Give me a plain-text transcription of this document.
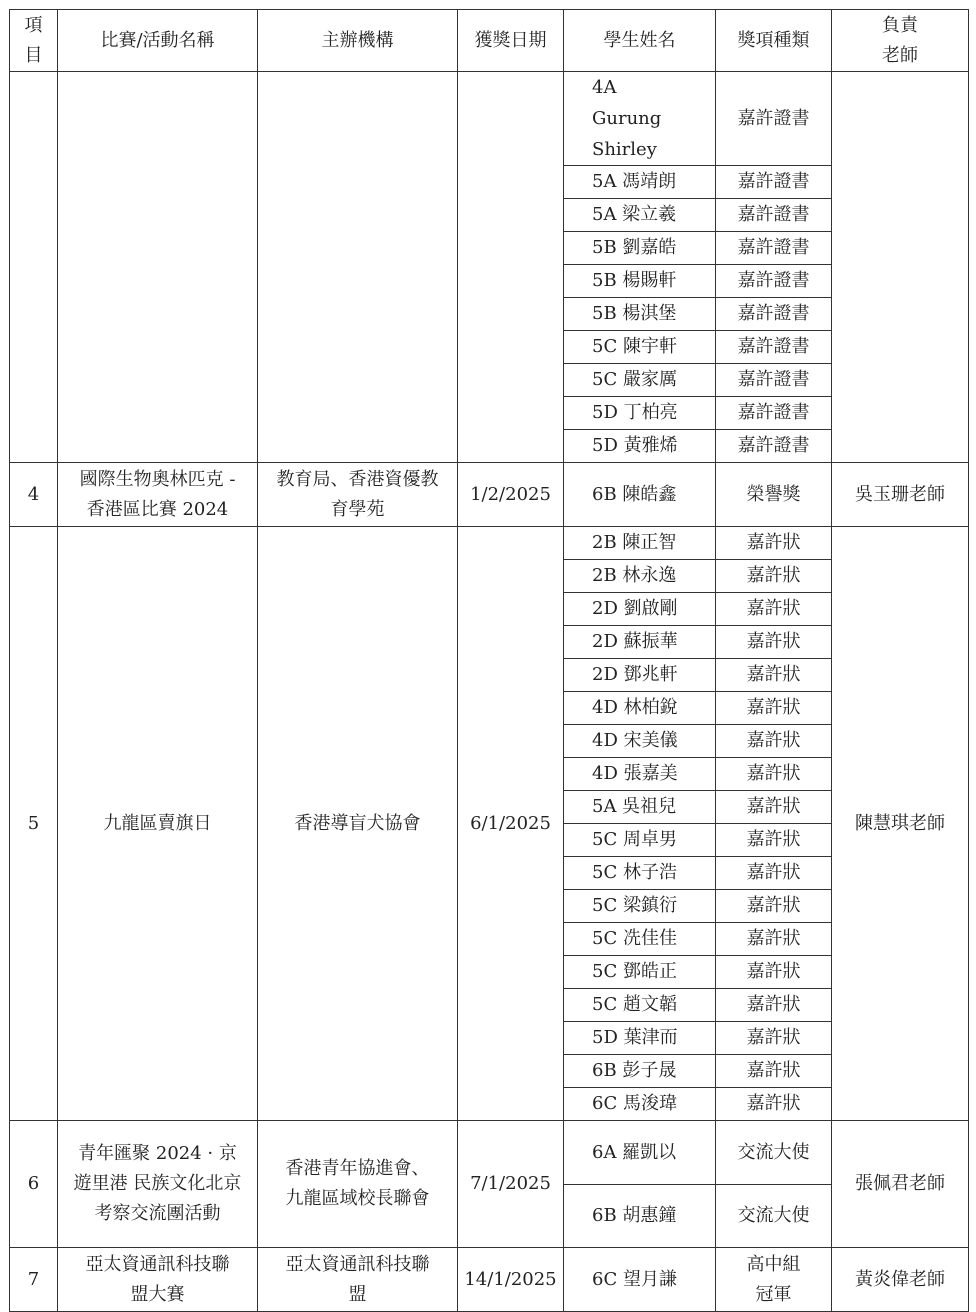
項目	比賽/活動名稱	主辦機構	獲獎日期	學生姓名	獎項種類	負責老師
				4A Gurung Shirley	嘉許證書	
				5A 馮靖朗	嘉許證書	
				5A 梁立羲	嘉許證書	
				5B 劉嘉皓	嘉許證書	
				5B 楊賜軒	嘉許證書	
				5B 楊淇堡	嘉許證書	
				5C 陳宇軒	嘉許證書	
				5C 嚴家厲	嘉許證書	
				5D 丁柏亮	嘉許證書	
				5D 黃雅烯	嘉許證書	
4	國際生物奧林匹克 - 香港區比賽 2024	教育局、香港資優教育學苑	1/2/2025	6B 陳皓鑫	榮譽獎	吳玉珊老師
5	九龍區賣旗日	香港導盲犬協會	6/1/2025	2B 陳正智	嘉許狀	陳慧琪老師
				2B 林永逸	嘉許狀	
				2D 劉啟剛	嘉許狀	
				2D 蘇振華	嘉許狀	
				2D 鄧兆軒	嘉許狀	
				4D 林柏銳	嘉許狀	
				4D 宋美儀	嘉許狀	
				4D 張嘉美	嘉許狀	
				5A 吳祖兒	嘉許狀	
				5C 周卓男	嘉許狀	
				5C 林子浩	嘉許狀	
				5C 梁鎮衍	嘉許狀	
				5C 冼佳佳	嘉許狀	
				5C 鄧皓正	嘉許狀	
				5C 趙文韜	嘉許狀	
				5D 葉津而	嘉許狀	
				6B 彭子晟	嘉許狀	
				6C 馬浚瑋	嘉許狀	
6	青年匯聚 2024 · 京遊里港 民族文化北京考察交流團活動	香港青年協進會、九龍區域校長聯會	7/1/2025	6A 羅凱以	交流大使	張佩君老師
				6B 胡惠鐘	交流大使	
7	亞太資通訊科技聯盟大賽	亞太資通訊科技聯盟	14/1/2025	6C 望月謙	高中組冠軍	黃炎偉老師
